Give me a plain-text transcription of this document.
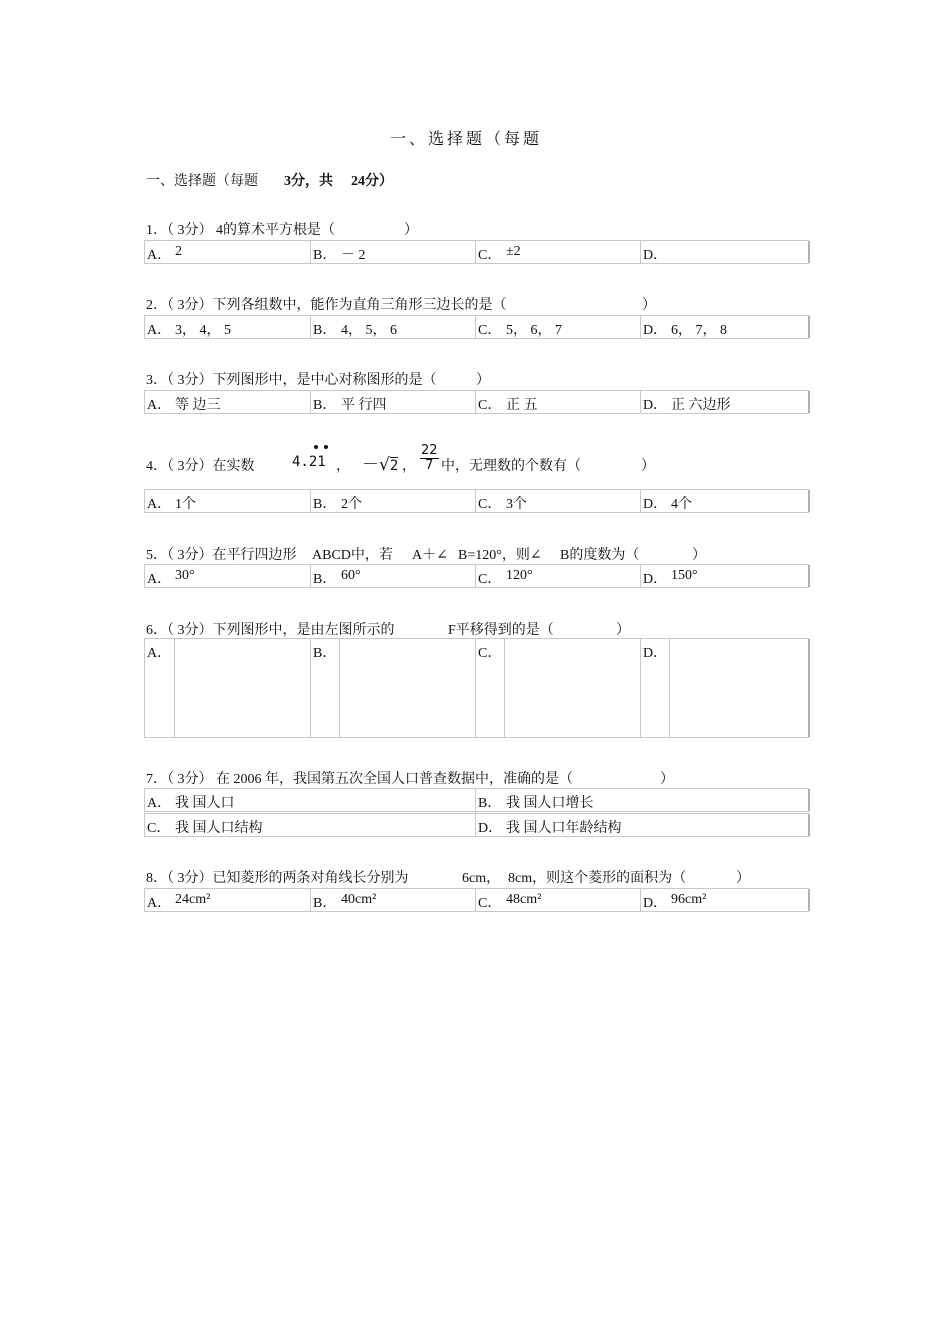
一、选择题（每题
一、选择题（每题 3分，共 24分）
1．（ 3分） 4的算术平方根是（	）
A． 2	B． － 2	C． ±2	D．
2．（ 3分）下列各组数中，能作为直角三角形三边长的是（	）
A． 3， 4， 5	B． 4， 5， 6	C． 5， 6， 7	D． 6， 7， 8
3．（ 3分）下列图形中，是中心对称图形的是（	）
A． 等 边三	B． 平 行四	C． 正 五	D． 正 六边形
4．（ 3分）在实数	4.21 ， －√2 ， $\frac{22}{7}$ 中，无理数的个数有（	）
A． 1个	B． 2个	C． 3个	D． 4个
5．（ 3分）在平行四边形 ABCD中，若 A＋∠ B=120°，则∠ B的度数为（	）
A． 30°	B． 60°	C． 120°	D． 150°
6．（ 3分）下列图形中，是由左图所示的	F平移得到的是（	）
A．	B．	C．	D．
7．（ 3分） 在 2006 年，我国第五次全国人口普查数据中，准确的是（	）
A． 我 国人口	B． 我 国人口增长
C． 我 国人口结构	D． 我 国人口年龄结构
8．（ 3分）已知菱形的两条对角线长分别为	6cm， 8cm，则这个菱形的面积为（	）
A． 24cm²	B． 40cm²	C． 48cm²	D． 96cm²
